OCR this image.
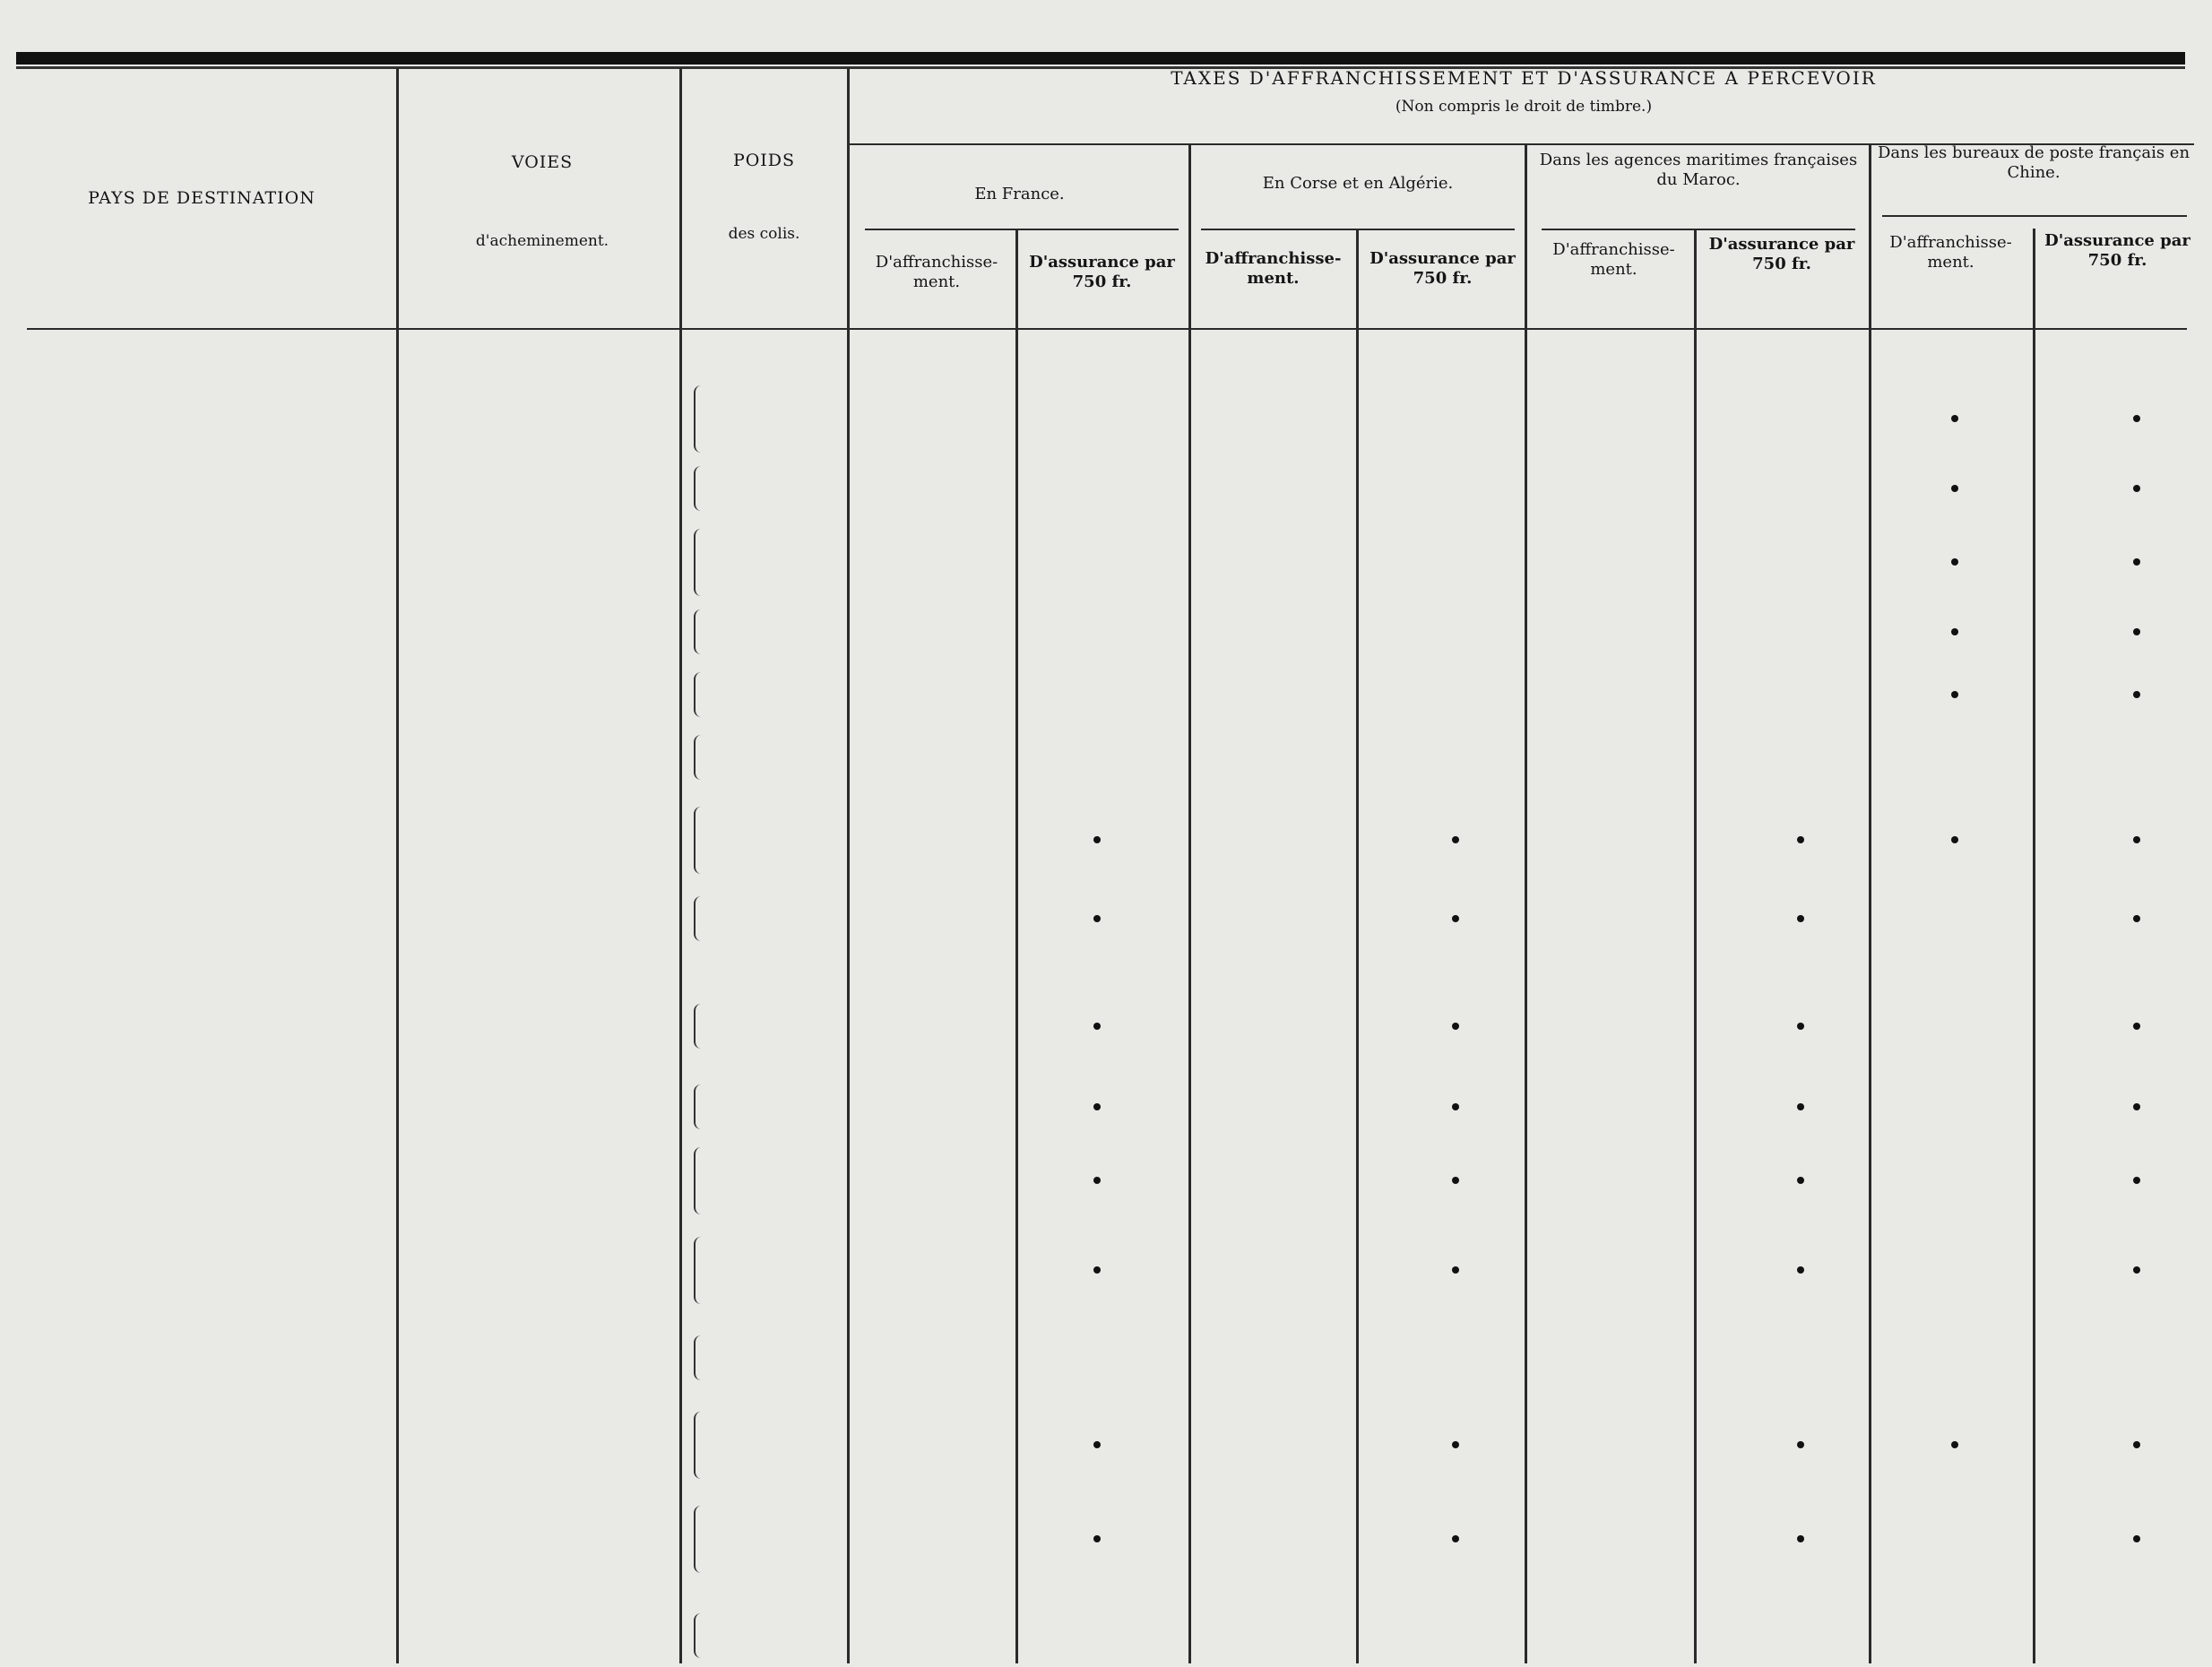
PAYS DE DESTINATION
VOIES
d'acheminement.
POIDS
des colis.
TAXES D'AFFRANCHISSEMENT ET D'ASSURANCE A PERCEVOIR
(Non compris le droit de timbre.)
En France.
En Corse et en Algérie.
Dans les agences maritimes françaises du Maroc.
Dans les bureaux de poste français en Chine.
D'affranchisse-ment.
D'assurance par 750 fr.
D'affranchisse-ment.
D'assurance par 750 fr.
D'affranchisse-ment.
D'assurance par 750 fr.
D'affranchisse-ment.
D'assurance par 750 fr.
